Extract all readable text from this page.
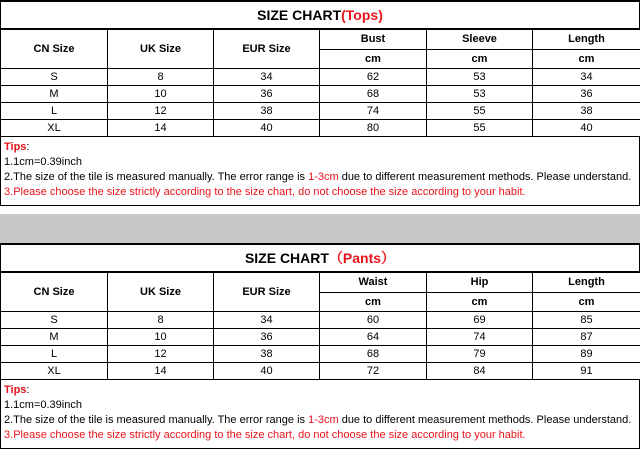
SIZE CHART (Tops)
CN Size	UK Size	EUR Size	Bust	Sleeve	Length
			cm	cm	cm
S	8	34	62	53	34
M	10	36	68	53	36
L	12	38	74	55	38
XL	14	40	80	55	40
Tips:
1.1cm=0.39inch
2.The size of the tile is measured manually. The error range is 1-3cm due to different measurement methods. Please understand.
3.Please choose the size strictly according to the size chart, do not choose the size according to your habit.
SIZE CHART （Pants）
CN Size	UK Size	EUR Size	Waist	Hip	Length
			cm	cm	cm
S	8	34	60	69	85
M	10	36	64	74	87
L	12	38	68	79	89
XL	14	40	72	84	91
Tips:
1.1cm=0.39inch
2.The size of the tile is measured manually. The error range is 1-3cm due to different measurement methods. Please understand.
3.Please choose the size strictly according to the size chart, do not choose the size according to your habit.
